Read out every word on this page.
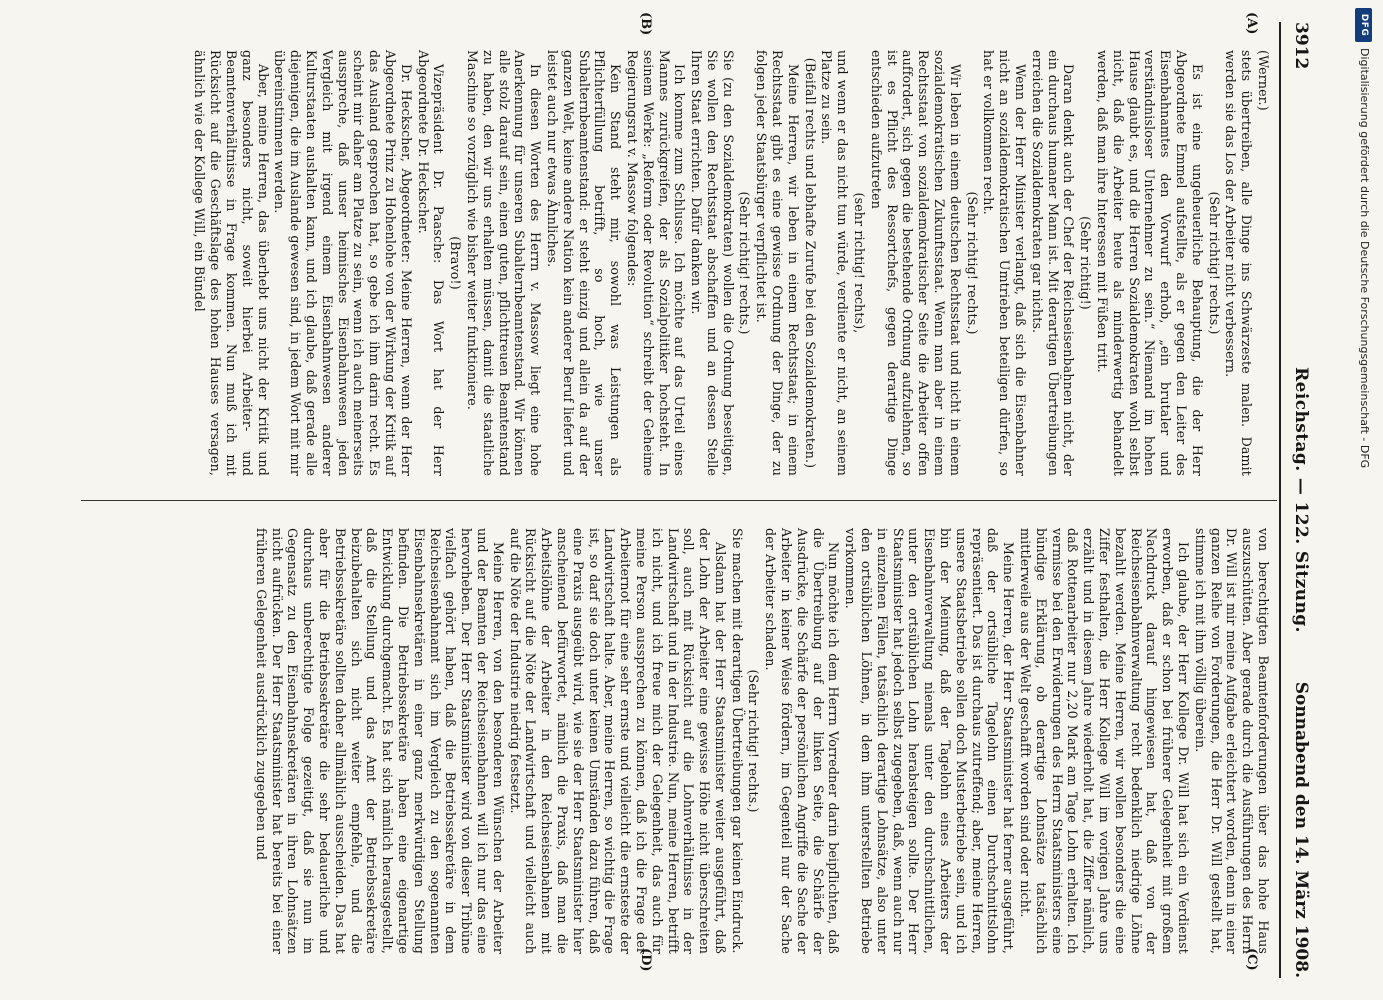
3912
Reichstag. — 122. Sitzung.
Sonnabend den 14. März 1908.
(A)
(B)
(C)
(D)

(Werner.)

stets übertreiben, alle Dinge ins Schwärzeste malen. Damit werden sie das Los der Arbeiter nicht verbessern.

(Sehr richtig! rechts.)

Es ist eine ungeheuerliche Behauptung, die der Herr Abgeordnete Emmel aufstellte, als er gegen den Leiter des Eisenbahnamtes den Vorwurf erhob, „ein brutaler und verständnisloser Unternehmer zu sein.“ Niemand im hohen Hause glaubt es, und die Herren Sozialdemokraten wohl selbst nicht, daß die Arbeiter heute als minderwertig behandelt werden, daß man ihre Interessen mit Füßen tritt.

(Sehr richtig!)

Daran denkt auch der Chef der Reichseisenbahnen nicht, der ein durchaus humaner Mann ist. Mit derartigen Übertreibungen erreichen die Sozialdemokraten gar nichts.

Wenn der Herr Minister verlangt, daß sich die Eisenbahner nicht an sozialdemokratischen Umtrieben beteiligen dürfen, so hat er vollkommen recht.

(Sehr richtig! rechts.)

Wir leben in einem deutschen Rechtsstaat und nicht in einem sozialdemokratischen Zukunftsstaat. Wenn man aber in einem Rechtsstaat von sozialdemokratischer Seite die Arbeiter offen auffordert, sich gegen die bestehende Ordnung aufzulehnen, so ist es Pflicht des Ressortchefs, gegen derartige Dinge entschieden aufzutreten

(sehr richtig! rechts),

und wenn er das nicht tun würde, verdiente er nicht, an seinem Platze zu sein.

(Beifall rechts und lebhafte Zurufe bei den Sozialdemokraten.)

Meine Herren, wir leben in einem Rechtsstaat; in einem Rechtsstaat gibt es eine gewisse Ordnung der Dinge, der zu folgen jeder Staatsbürger verpflichtet ist.

(Sehr richtig! rechts.)

Sie (zu den Sozialdemokraten) wollen die Ordnung beseitigen, Sie wollen den Rechtsstaat abschaffen und an dessen Stelle Ihren Staat errichten. Dafür danken wir.

Ich komme zum Schlusse. Ich möchte auf das Urteil eines Mannes zurückgreifen, der als Sozialpolitiker hochsteht. In seinem Werke: „Reform oder Revolution“ schreibt der Geheime Regierungsrat v. Massow folgendes:

Kein Stand steht mir, sowohl was Leistungen als Pflichterfüllung betrifft, so hoch, wie unser Subalternbeamtenstand: er steht einzig und allein da auf der ganzen Welt, keine andere Nation kein anderer Beruf liefert und leistet auch nur etwas Ähnliches.

In diesen Worten des Herrn v. Massow liegt eine hohe Anerkennung für unseren Subalternbeamtenstand. Wir können alle stolz darauf sein, einen guten, pflichttreuen Beamtenstand zu haben, den wir uns erhalten müssen, damit die staatliche Maschine so vorzüglich wie bisher weiter funktioniere.

(Bravo!)

Vizepräsident Dr. Paasche: Das Wort hat der Herr Abgeordnete Dr. Heckscher.

Dr. Heckscher, Abgeordneter: Meine Herren, wenn der Herr Abgeordnete Prinz zu Hohenlohe von der Wirkung der Kritik auf das Ausland gesprochen hat, so gebe ich ihm darin recht. Es scheint mir daher am Platze zu sein, wenn ich auch meinerseits ausspreche, daß unser heimisches Eisenbahnwesen jeden Vergleich mit irgend einem Eisenbahnwesen anderer Kulturstaaten aushalten kann, und ich glaube, daß gerade alle diejenigen, die im Auslande gewesen sind, in jedem Wort mit mir übereinstimmen werden.

Aber, meine Herren, das überhebt uns nicht der Kritik und ganz besonders nicht, soweit hierbei Arbeiter- und Beamtenverhältnisse in Frage kommen. Nun muß ich mit Rücksicht auf die Geschäftslage des hohen Hauses versagen, ähnlich wie der Kollege Will, ein Bündel

von berechtigten Beamtenforderungen über das hohe Haus auszuschütten. Aber gerade durch die Ausführungen des Herrn Dr. Will ist mir meine Aufgabe erleichtert worden, denn in einer ganzen Reihe von Forderungen, die Herr Dr. Will gestellt hat, stimme ich mit ihm völlig überein.

Ich glaube, der Herr Kollege Dr. Will hat sich ein Verdienst erworben, daß er schon bei früherer Gelegenheit mit großem Nachdruck darauf hingewiesen hat, daß von der Reichseisenbahnverwaltung recht bedenklich niedrige Löhne bezahlt werden. Meine Herren, wir wollen besonders die eine Ziffer festhalten, die Herr Kollege Will im vorigen Jahre uns erzählt und in diesem Jahre wiederholt hat, die Ziffer nämlich, daß Rottenarbeiter nur 2,20 Mark am Tage Lohn erhalten. Ich vermisse bei den Erwiderungen des Herrn Staatsministers eine bündige Erklärung, ob derartige Lohnsätze tatsächlich mittlerweile aus der Welt geschafft worden sind oder nicht.

Meine Herren, der Herr Staatsminister hat ferner ausgeführt, daß der ortsübliche Tagelohn einen Durchschnittslohn repräsentiert. Das ist durchaus zutreffend; aber, meine Herren, unsere Staatsbetriebe sollen doch Musterbetriebe sein, und ich bin der Meinung, daß der Tagelohn eines Arbeiters der Eisenbahnverwaltung niemals unter den durchschnittlichen, unter den ortsüblichen Lohn herabsteigen sollte. Der Herr Staatsminister hat jedoch selbst zugegeben, daß, wenn auch nur in einzelnen Fällen, tatsächlich derartige Lohnsätze, also unter den ortsüblichen Löhnen, in dem ihm unterstellten Betriebe vorkommen.

Nun möchte ich dem Herrn Vorredner darin beipflichten, daß die Übertreibung auf der linken Seite, die Schärfe der Ausdrücke, die Schärfe der persönlichen Angriffe die Sache der Arbeiter in keiner Weise fördern, im Gegenteil nur der Sache der Arbeiter schaden.

(Sehr richtig! rechts.)

Sie machen mit derartigen Übertreibungen gar keinen Eindruck.

Alsdann hat der Herr Staatsminister weiter ausgeführt, daß der Lohn der Arbeiter eine gewisse Höhe nicht überschreiten soll, auch mit Rücksicht auf die Lohnverhältnisse in der Landwirtschaft und in der Industrie. Nun, meine Herren, betrifft ich nicht, und ich freue mich der Gelegenheit, das auch für meine Person aussprechen zu können, daß ich die Frage der Arbeiternot für eine sehr ernste und vielleicht die ernsteste der Landwirtschaft halte. Aber, meine Herren, so wichtig die Frage ist, so darf sie doch unter keinen Umständen dazu führen, daß eine Praxis ausgeübt wird, wie sie der Herr Staatsminister hier anscheinend befürwortet, nämlich die Praxis, daß man die Arbeitslöhne der Arbeiter in den Reichseisenbahnen mit Rücksicht auf die Nöte der Landwirtschaft und vielleicht auch auf die Nöte der Industrie niedrig festsetzt.

Meine Herren, von den besonderen Wünschen der Arbeiter und der Beamten der Reichseisenbahnen will ich nur das eine hervorheben. Der Herr Staatsminister wird von dieser Tribüne vielfach gehört haben, daß die Betriebssekretäre in dem Reichseisenbahnamt sich im Vergleich zu den sogenannten Eisenbahnsekretären in einer ganz merkwürdigen Stellung befinden. Die Betriebssekretäre haben eine eigenartige Entwicklung durchgemacht. Es hat sich nämlich herausgestellt, daß die Stellung und das Amt der Betriebssekretäre beizubehalten sich nicht weiter empfehle, und die Betriebssekretäre sollten daher allmählich ausscheiden. Das hat aber für die Betriebssekretäre die sehr bedauerliche und durchaus unberechtigte Folge gezeitigt, daß sie nun im Gegensatz zu den Eisenbahnsekretären in ihren Lohnsätzen nicht aufrücken. Der Herr Staatsminister hat bereits bei einer früheren Gelegenheit ausdrücklich zugegeben und

DFG
Digitalisierung gefördert durch die Deutsche Forschungsgemeinschaft - DFG
